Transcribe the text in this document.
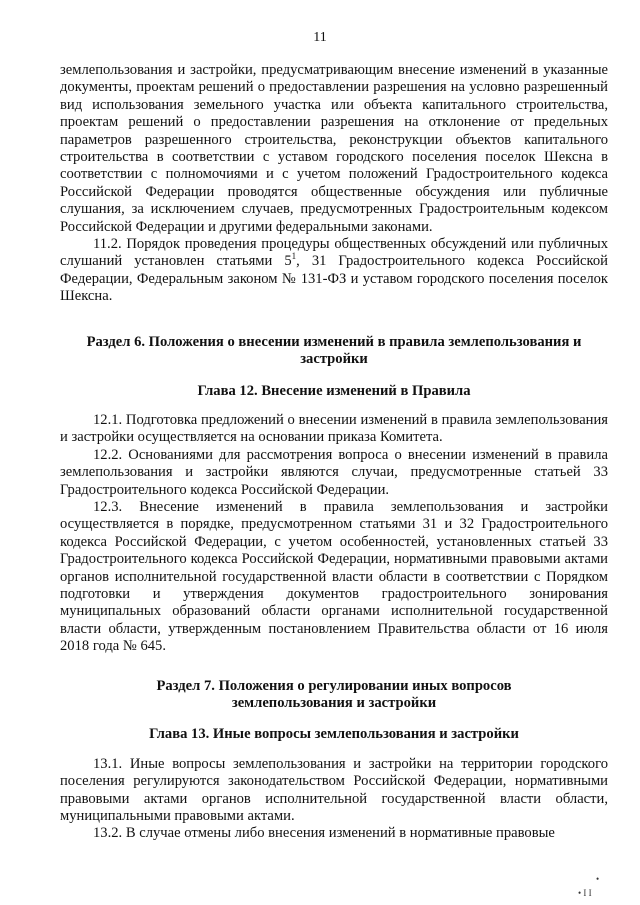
11

землепользования и застройки, предусматривающим внесение изменений в указанные документы, проектам решений о предоставлении разрешения на условно разрешенный вид использования земельного участка или объекта капитального строительства, проектам решений о предоставлении разрешения на отклонение от предельных параметров разрешенного строительства, реконструкции объектов капитального строительства в соответствии с уставом городского поселения поселок Шексна в соответствии с полномочиями и с учетом положений Градостроительного кодекса Российской Федерации проводятся общественные обсуждения или публичные слушания, за исключением случаев, предусмотренных Градостроительным кодексом Российской Федерации и другими федеральными законами.

11.2. Порядок проведения процедуры общественных обсуждений или публичных слушаний установлен статьями $5^1$, 31 Градостроительного кодекса Российской Федерации, Федеральным законом № 131-ФЗ и уставом городского поселения поселок Шексна.

Раздел 6. Положения о внесении изменений в правила землепользования и застройки

Глава 12. Внесение изменений в Правила

12.1. Подготовка предложений о внесении изменений в правила землепользования и застройки осуществляется на основании приказа Комитета.

12.2. Основаниями для рассмотрения вопроса о внесении изменений в правила землепользования и застройки являются случаи, предусмотренные статьей 33 Градостроительного кодекса Российской Федерации.

12.3. Внесение изменений в правила землепользования и застройки осуществляется в порядке, предусмотренном статьями 31 и 32 Градостроительного кодекса Российской Федерации, с учетом особенностей, установленных статьей 33 Градостроительного кодекса Российской Федерации, нормативными правовыми актами органов исполнительной государственной власти области в соответствии с Порядком подготовки и утверждения документов градостроительного зонирования муниципальных образований области органами исполнительной государственной власти области, утвержденным постановлением Правительства области от 16 июля 2018 года № 645.

Раздел 7. Положения о регулировании иных вопросов

землепользования и застройки

Глава 13. Иные вопросы землепользования и застройки

13.1. Иные вопросы землепользования и застройки на территории городского поселения регулируются законодательством Российской Федерации, нормативными правовыми актами органов исполнительной государственной власти области, муниципальными правовыми актами.

13.2. В случае отмены либо внесения изменений в нормативные правовые

•
• I I
